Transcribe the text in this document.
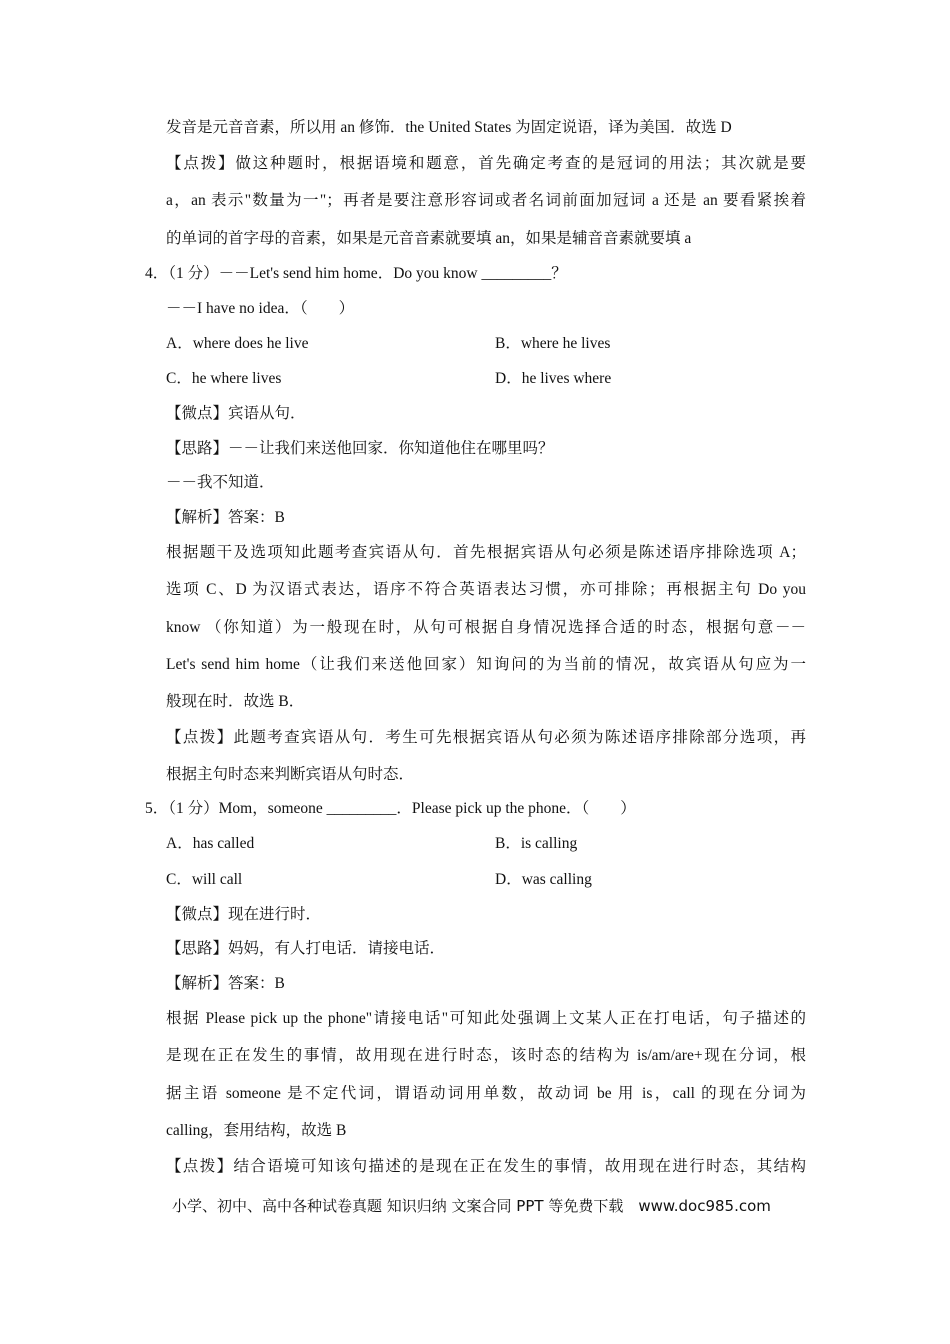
发音是元音音素，所以用 an 修饰．the United States 为固定说语，译为美国．故选 D
【点拨】做这种题时，根据语境和题意，首先确定考查的是冠词的用法；其次就是要
a，an 表示"数量为一"；再者是要注意形容词或者名词前面加冠词 a 还是 an 要看紧挨着
的单词的首字母的音素，如果是元音音素就要填 an，如果是辅音音素就要填 a
4．（1 分）－－Let's send him home．Do you know _________？
－－I have no idea．（　　）
A．where does he live	B．where he lives
C．he where lives	D．he lives where
【微点】宾语从句．
【思路】－－让我们来送他回家．你知道他住在哪里吗？
－－我不知道．
【解析】答案：B
根据题干及选项知此题考查宾语从句．首先根据宾语从句必须是陈述语序排除选项 A；
选项 C、D 为汉语式表达，语序不符合英语表达习惯，亦可排除；再根据主句 Do you
know （你知道）为一般现在时，从句可根据自身情况选择合适的时态，根据句意－－
Let's send him home（让我们来送他回家）知询问的为当前的情况，故宾语从句应为一
般现在时．故选 B．
【点拨】此题考查宾语从句．考生可先根据宾语从句必须为陈述语序排除部分选项，再
根据主句时态来判断宾语从句时态．
5．（1 分）Mom，someone _________．Please pick up the phone．（　　）
A．has called	B．is calling
C．will call	D．was calling
【微点】现在进行时．
【思路】妈妈，有人打电话．请接电话．
【解析】答案：B
根据 Please pick up the phone"请接电话"可知此处强调上文某人正在打电话，句子描述的
是现在正在发生的事情，故用现在进行时态，该时态的结构为 is/am/are+现在分词，根
据主语 someone 是不定代词，谓语动词用单数，故动词 be 用 is，call 的现在分词为
calling，套用结构，故选 B
【点拨】结合语境可知该句描述的是现在正在发生的事情，故用现在进行时态，其结构
小学、初中、高中各种试卷真题 知识归纳 文案合同 PPT 等免费下载　www.doc985.com
